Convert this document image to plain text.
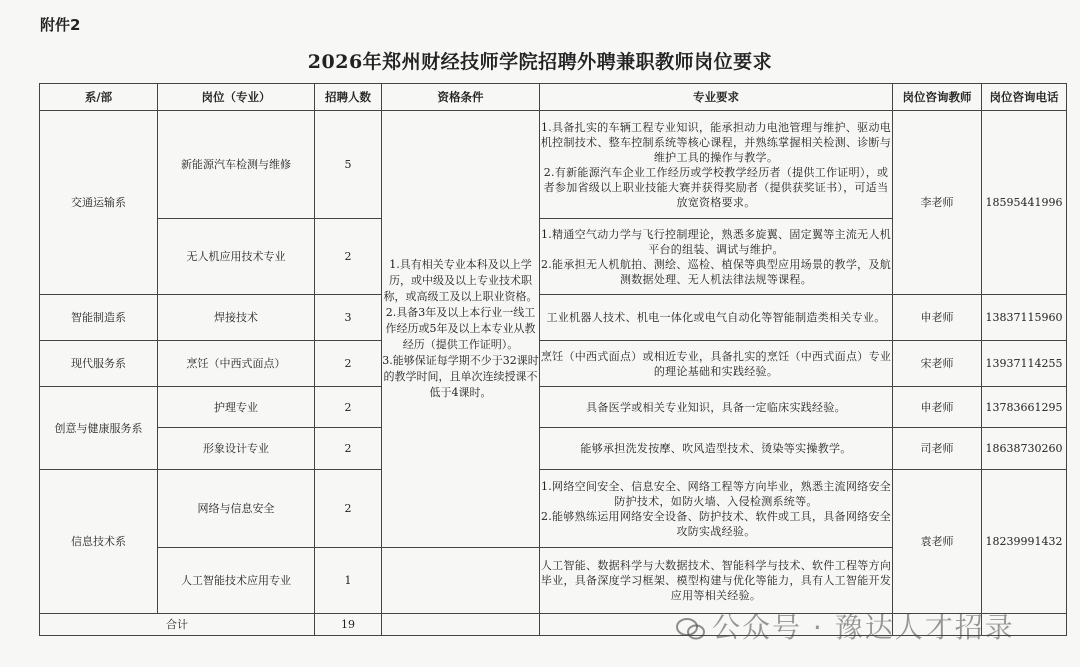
附件2
2026年郑州财经技师学院招聘外聘兼职教师岗位要求
系/部	岗位（专业）	招聘人数	资格条件	专业要求	岗位咨询教师	岗位咨询电话
交通运输系	新能源汽车检测与维修	5	1.具有相关专业本科及以上学历，或中级及以上专业技术职称，或高级工及以上职业资格。
2.具备3年及以上本行业一线工作经历或5年及以上本专业从教经历（提供工作证明）。
3.能够保证每学期不少于32课时的教学时间，且单次连续授课不低于4课时。	1.具备扎实的车辆工程专业知识，能承担动力电池管理与维护、驱动电机控制技术、整车控制系统等核心课程，并熟练掌握相关检测、诊断与维护工具的操作与教学。
2.有新能源汽车企业工作经历或学校教学经历者（提供工作证明），或者参加省级以上职业技能大赛并获得奖励者（提供获奖证书），可适当放宽资格要求。	李老师	18595441996
	无人机应用技术专业	2		1.精通空气动力学与飞行控制理论，熟悉多旋翼、固定翼等主流无人机平台的组装、调试与维护。
2.能承担无人机航拍、测绘、巡检、植保等典型应用场景的教学，及航测数据处理、无人机法律法规等课程。		
智能制造系	焊接技术	3		工业机器人技术、机电一体化或电气自动化等智能制造类相关专业。	申老师	13837115960
现代服务系	烹饪（中西式面点）	2		烹饪（中西式面点）或相近专业，具备扎实的烹饪（中西式面点）专业的理论基础和实践经验。	宋老师	13937114255
创意与健康服务系	护理专业	2		具备医学或相关专业知识，具备一定临床实践经验。	申老师	13783661295
	形象设计专业	2		能够承担洗发按摩、吹风造型技术、烫染等实操教学。	司老师	18638730260
信息技术系	网络与信息安全	2		1.网络空间安全、信息安全、网络工程等方向毕业，熟悉主流网络安全防护技术，如防火墙、入侵检测系统等。
2.能够熟练运用网络安全设备、防护技术、软件或工具，具备网络安全攻防实战经验。	袁老师	18239991432
	人工智能技术应用专业	1		人工智能、数据科学与大数据技术、智能科学与技术、软件工程等方向毕业，具备深度学习框架、模型构建与优化等能力，具有人工智能开发应用等相关经验。		
合计		19					公众号 · 豫达人才招录
